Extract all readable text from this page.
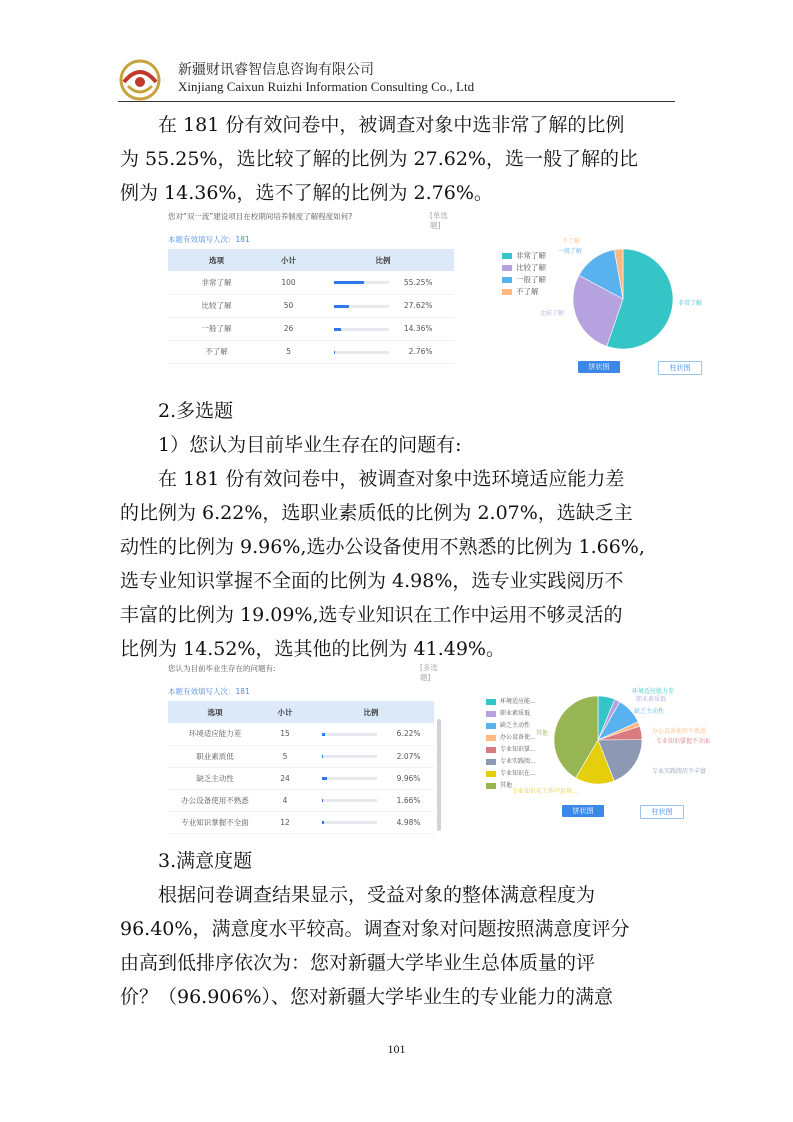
新疆财讯睿智信息咨询有限公司
Xinjiang Caixun Ruizhi Information Consulting Co., Ltd

在 181 份有效问卷中，被调查对象中选非常了解的比例

为 55.25%，选比较了解的比例为 27.62%，选一般了解的比

例为 14.36%，选不了解的比例为 2.76%。

您对“双一流”建设项目在校期间培养制度了解程度如何?	[单选
题]
本题有效填写人次：181
选项	小计	比例
非常了解	100	55.25%
比较了解	50	27.62%
一般了解	26	14.36%
不了解	5	2.76%
非常了解
比较了解
一般了解
不了解
不了解
一般了解
比较了解
非常了解
饼状图	柱状图

2.多选题

1）您认为目前毕业生存在的问题有:

在 181 份有效问卷中，被调查对象中选环境适应能力差

的比例为 6.22%，选职业素质低的比例为 2.07%，选缺乏主

动性的比例为 9.96%,选办公设备使用不熟悉的比例为 1.66%,

选专业知识掌握不全面的比例为 4.98%，选专业实践阅历不

丰富的比例为 19.09%,选专业知识在工作中运用不够灵活的

比例为 14.52%，选其他的比例为 41.49%。

您认为目前毕业生存在的问题有:	[多选
题]
本题有效填写人次：181
选项	小计	比例
环境适应能力差	15	6.22%
职业素质低	5	2.07%
缺乏主动性	24	9.96%
办公设备使用不熟悉	4	1.66%
专业知识掌握不全面	12	4.98%
环境适应能...
职业素质低
缺乏主动性
办公设备使...
专业知识掌...
专业实践阅...
专业知识在...
其他
环境适应能力差
职业素质低
缺乏主动性
办公设备使用不熟悉
专业知识掌握不全面
专业实践阅历不丰富
专业知识在工作中运用...
其他
饼状图	柱状图

3.满意度题

根据问卷调查结果显示，受益对象的整体满意程度为

96.40%，满意度水平较高。调查对象对问题按照满意度评分

由高到低排序依次为：您对新疆大学毕业生总体质量的评

价？（96.906%）、您对新疆大学毕业生的专业能力的满意

101
